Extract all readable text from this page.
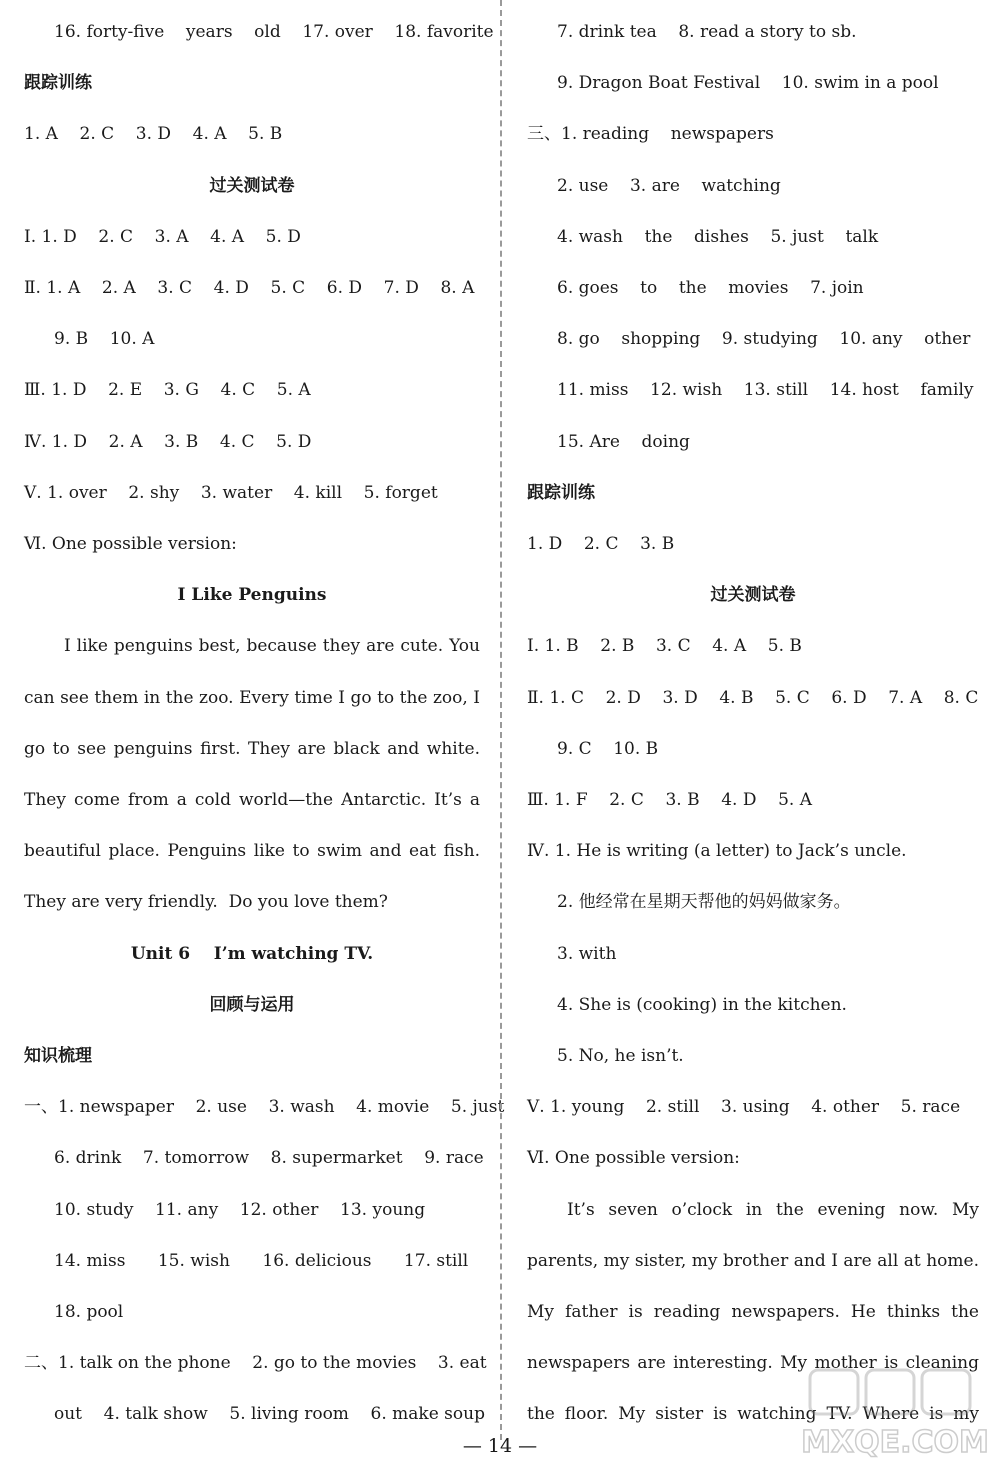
16. forty-five    years    old    17. over    18. favorite
跟踪训练
1. A    2. C    3. D    4. A    5. B
过关测试卷
Ⅰ. 1. D    2. C    3. A    4. A    5. D
Ⅱ. 1. A    2. A    3. C    4. D    5. C    6. D    7. D    8. A
9. B    10. A
Ⅲ. 1. D    2. E    3. G    4. C    5. A
Ⅳ. 1. D    2. A    3. B    4. C    5. D
Ⅴ. 1. over    2. shy    3. water    4. kill    5. forget
Ⅵ. One possible version:
I Like Penguins
I like penguins best, because they are cute. You
can see them in the zoo. Every time I go to the zoo, I
go to see penguins first. They are black and white.
They come from a cold world—the Antarctic. It’s a
beautiful place. Penguins like to swim and eat fish.
They are very friendly.  Do you love them?
Unit 6    I’m watching TV.
回顾与运用
知识梳理
一、1. newspaper    2. use    3. wash    4. movie    5. just
6. drink    7. tomorrow    8. supermarket    9. race
10. study    11. any    12. other    13. young
14. miss      15. wish      16. delicious      17. still
18. pool
二、1. talk on the phone    2. go to the movies    3. eat
out    4. talk show    5. living room    6. make soup
7. drink tea    8. read a story to sb.
9. Dragon Boat Festival    10. swim in a pool
三、1. reading    newspapers
2. use    3. are    watching
4. wash    the    dishes    5. just    talk
6. goes    to    the    movies    7. join
8. go    shopping    9. studying    10. any    other
11. miss    12. wish    13. still    14. host    family
15. Are    doing
跟踪训练
1. D    2. C    3. B
过关测试卷
Ⅰ. 1. B    2. B    3. C    4. A    5. B
Ⅱ. 1. C    2. D    3. D    4. B    5. C    6. D    7. A    8. C
9. C    10. B
Ⅲ. 1. F    2. C    3. B    4. D    5. A
Ⅳ. 1. He is writing (a letter) to Jack’s uncle.
2. 他经常在星期天帮他的妈妈做家务。
3. with
4. She is (cooking) in the kitchen.
5. No, he isn’t.
Ⅴ. 1. young    2. still    3. using    4. other    5. race
Ⅵ. One possible version:
It’s seven o’clock in the evening now. My
parents, my sister, my brother and I are all at home.
My father is reading newspapers. He thinks the
newspapers are interesting. My mother is cleaning
the floor. My sister is watching TV. Where is my
— 14 —	MXQE.COM
